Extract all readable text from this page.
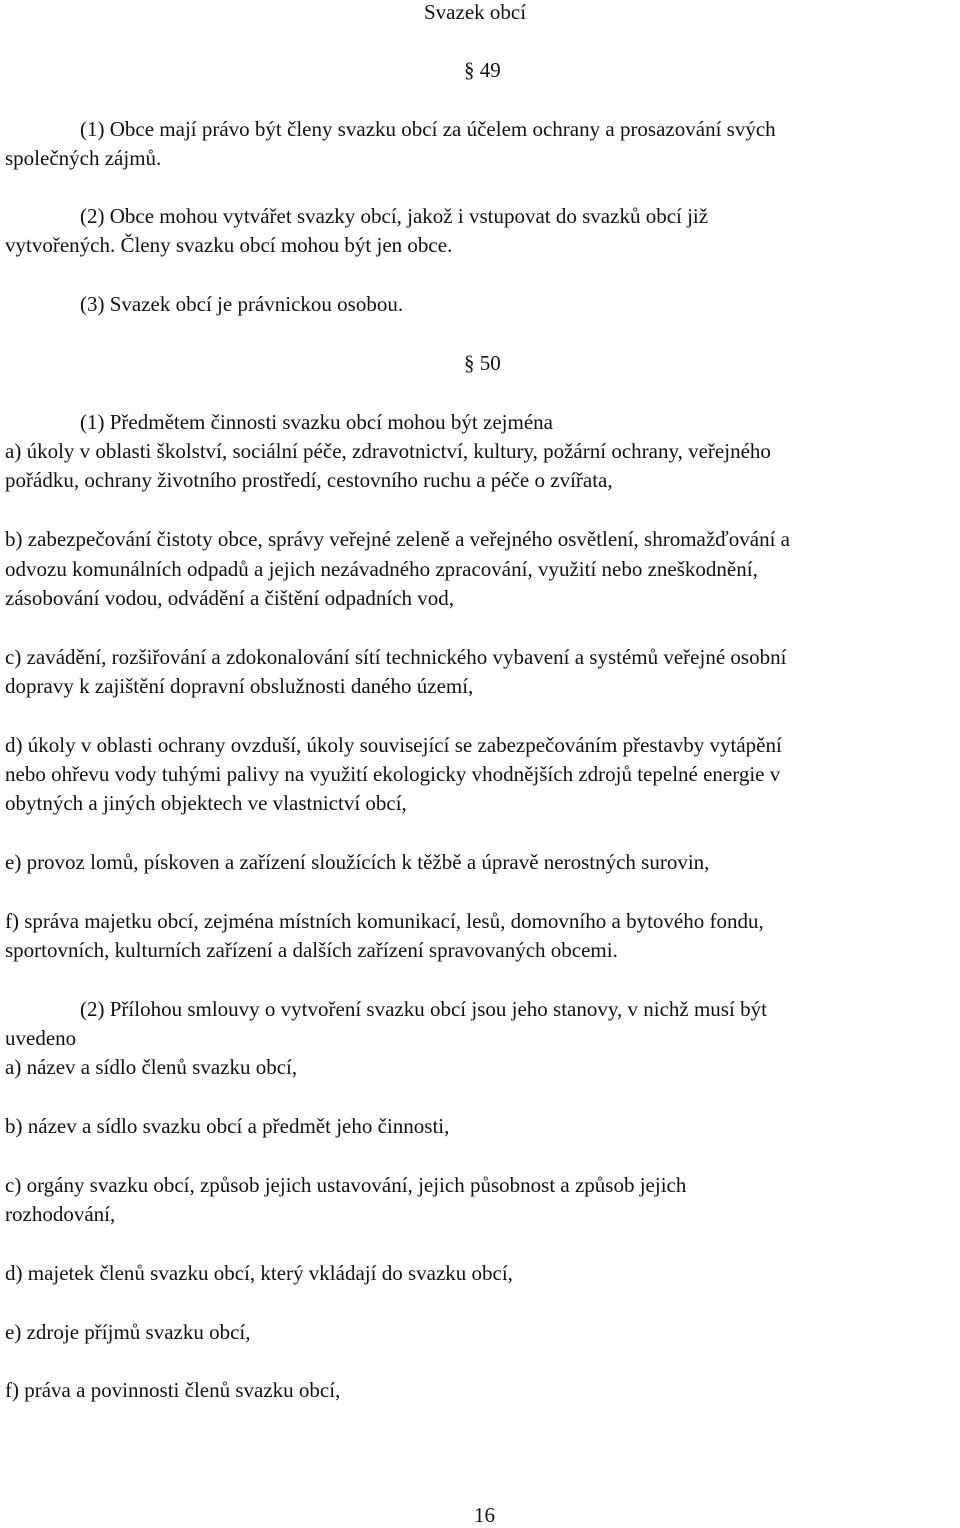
Svazek obcí
§ 49
(1) Obce mají právo být členy svazku obcí za účelem ochrany a prosazování svých
společných zájmů.
(2) Obce mohou vytvářet svazky obcí, jakož i vstupovat do svazků obcí již
vytvořených. Členy svazku obcí mohou být jen obce.
(3) Svazek obcí je právnickou osobou.
§ 50
(1) Předmětem činnosti svazku obcí mohou být zejména
a) úkoly v oblasti školství, sociální péče, zdravotnictví, kultury, požární ochrany, veřejného
pořádku, ochrany životního prostředí, cestovního ruchu a péče o zvířata,
b) zabezpečování čistoty obce, správy veřejné zeleně a veřejného osvětlení, shromažďování a
odvozu komunálních odpadů a jejich nezávadného zpracování, využití nebo zneškodnění,
zásobování vodou, odvádění a čištění odpadních vod,
c) zavádění, rozšiřování a zdokonalování sítí technického vybavení a systémů veřejné osobní
dopravy k zajištění dopravní obslužnosti daného území,
d) úkoly v oblasti ochrany ovzduší, úkoly související se zabezpečováním přestavby vytápění
nebo ohřevu vody tuhými palivy na využití ekologicky vhodnějších zdrojů tepelné energie v
obytných a jiných objektech ve vlastnictví obcí,
e) provoz lomů, pískoven a zařízení sloužících k těžbě a úpravě nerostných surovin,
f) správa majetku obcí, zejména místních komunikací, lesů, domovního a bytového fondu,
sportovních, kulturních zařízení a dalších zařízení spravovaných obcemi.
(2) Přílohou smlouvy o vytvoření svazku obcí jsou jeho stanovy, v nichž musí být
uvedeno
a) název a sídlo členů svazku obcí,
b) název a sídlo svazku obcí a předmět jeho činnosti,
c) orgány svazku obcí, způsob jejich ustavování, jejich působnost a způsob jejich
rozhodování,
d) majetek členů svazku obcí, který vkládají do svazku obcí,
e) zdroje příjmů svazku obcí,
f) práva a povinnosti členů svazku obcí,
16
